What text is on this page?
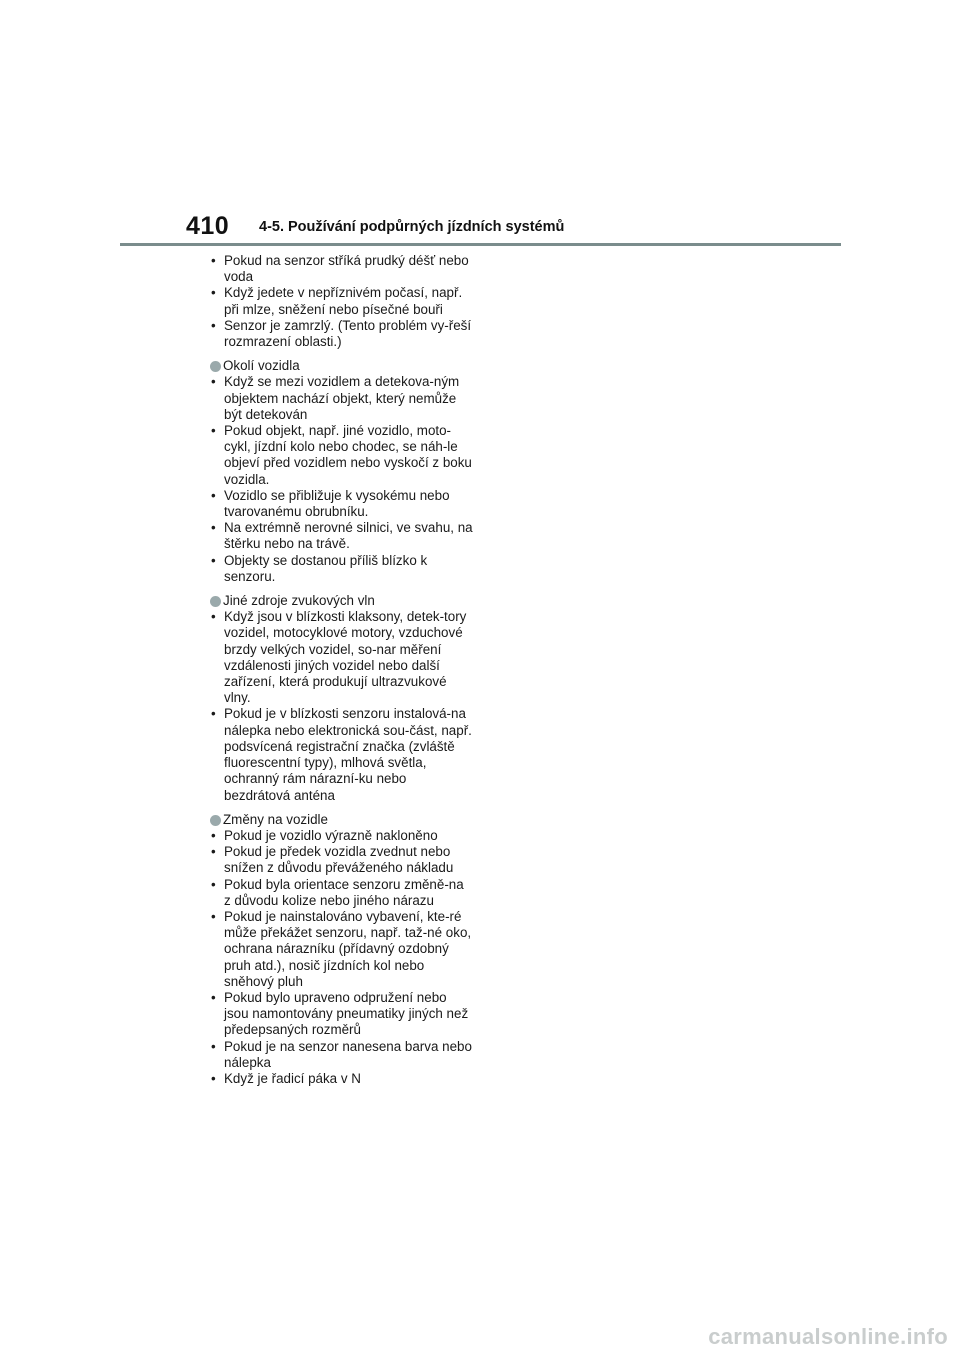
410 4-5. Používání podpůrných jízdních systémů
• Pokud na senzor stříká prudký déšť nebo voda
• Když jedete v nepříznivém počasí, např. při mlze, sněžení nebo písečné bouři
• Senzor je zamrzlý. (Tento problém vy-řeší rozmrazení oblasti.)
Okolí vozidla
• Když se mezi vozidlem a detekova-ným objektem nachází objekt, který nemůže být detekován
• Pokud objekt, např. jiné vozidlo, moto-cykl, jízdní kolo nebo chodec, se náh-le objeví před vozidlem nebo vyskočí z boku vozidla.
• Vozidlo se přibližuje k vysokému nebo tvarovanému obrubníku.
• Na extrémně nerovné silnici, ve svahu, na štěrku nebo na trávě.
• Objekty se dostanou příliš blízko k senzoru.
Jiné zdroje zvukových vln
• Když jsou v blízkosti klaksony, detek-tory vozidel, motocyklové motory, vzduchové brzdy velkých vozidel, so-nar měření vzdálenosti jiných vozidel nebo další zařízení, která produkují ultrazvukové vlny.
• Pokud je v blízkosti senzoru instalová-na nálepka nebo elektronická sou-část, např. podsvícená registrační značka (zvláště fluorescentní typy), mlhová světla, ochranný rám nárazní-ku nebo bezdrátová anténa
Změny na vozidle
• Pokud je vozidlo výrazně nakloněno
• Pokud je předek vozidla zvednut nebo snížen z důvodu převáženého nákladu
• Pokud byla orientace senzoru změně-na z důvodu kolize nebo jiného nárazu
• Pokud je nainstalováno vybavení, kte-ré může překážet senzoru, např. taž-né oko, ochrana nárazníku (přídavný ozdobný pruh atd.), nosič jízdních kol nebo sněhový pluh
• Pokud bylo upraveno odpružení nebo jsou namontovány pneumatiky jiných než předepsaných rozměrů
• Pokud je na senzor nanesena barva nebo nálepka
• Když je řadicí páka v N
carmanualsonline.info
